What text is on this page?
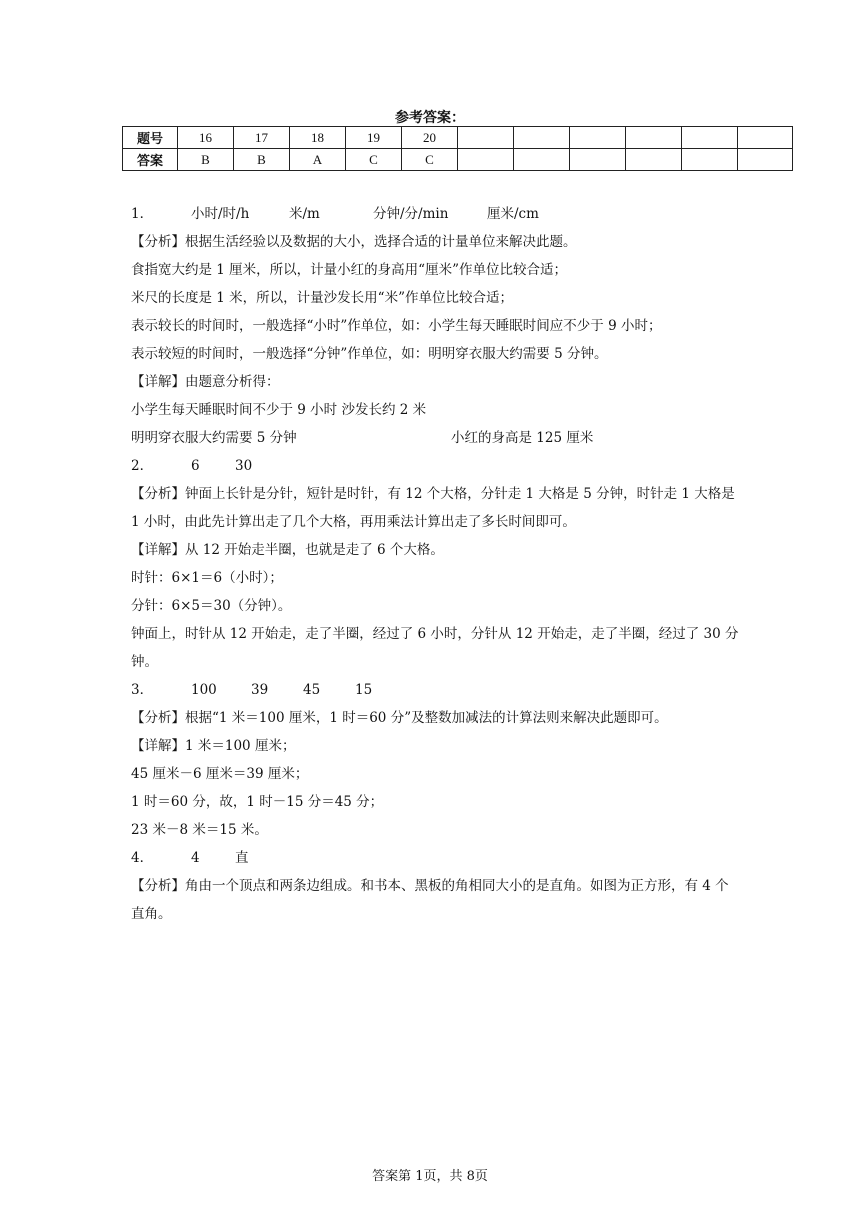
参考答案：
题号	16	17	18	19	20						
答案	B	B	A	C	C						
1．	小时/时/h	米/m	分钟/分/min	厘米/cm
【分析】根据生活经验以及数据的大小，选择合适的计量单位来解决此题。
食指宽大约是 1 厘米，所以，计量小红的身高用“厘米”作单位比较合适；
米尺的长度是 1 米，所以，计量沙发长用“米”作单位比较合适；
表示较长的时间时，一般选择“小时”作单位，如：小学生每天睡眠时间应不少于 9 小时；
表示较短的时间时，一般选择“分钟”作单位，如：明明穿衣服大约需要 5 分钟。
【详解】由题意分析得：
小学生每天睡眠时间不少于 9 小时 沙发长约 2 米
明明穿衣服大约需要 5 分钟	小红的身高是 125 厘米
2．	6	30
【分析】钟面上长针是分针，短针是时针，有 12 个大格，分针走 1 大格是 5 分钟，时针走 1 大格是 1 小时，由此先计算出走了几个大格，再用乘法计算出走了多长时间即可。
【详解】从 12 开始走半圈，也就是走了 6 个大格。
时针：6×1＝6（小时）；
分针：6×5＝30（分钟）。
钟面上，时针从 12 开始走，走了半圈，经过了 6 小时，分针从 12 开始走，走了半圈，经过了 30 分钟。
3．	100	39	45	15
【分析】根据“1 米＝100 厘米，1 时＝60 分”及整数加减法的计算法则来解决此题即可。
【详解】1 米＝100 厘米；
45 厘米－6 厘米＝39 厘米；
1 时＝60 分，故，1 时－15 分＝45 分；
23 米－8 米＝15 米。
4．	4	直
【分析】角由一个顶点和两条边组成。和书本、黑板的角相同大小的是直角。如图为正方形，有 4 个直角。
答案第 1页，共 8页
